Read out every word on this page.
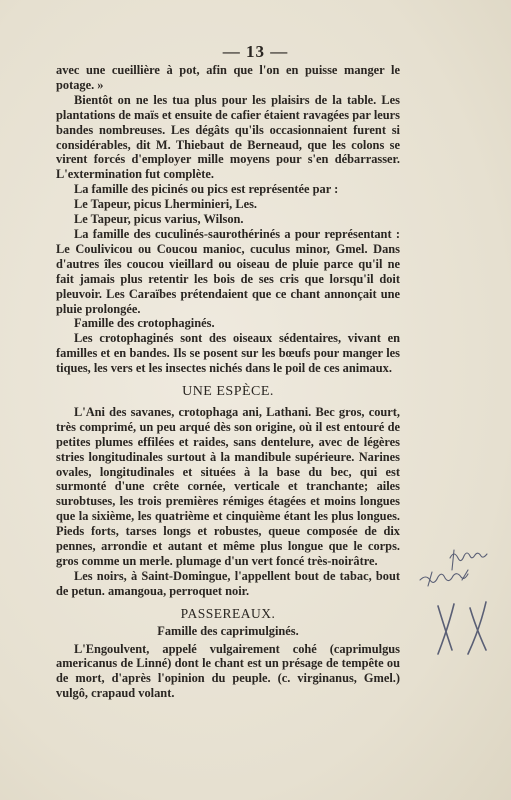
— 13 —

avec une cueillière à pot, afin que l'on en puisse manger le potage. »

Bientôt on ne les tua plus pour les plaisirs de la table. Les plantations de maïs et ensuite de cafier étaient ravagées par leurs bandes nombreuses. Les dégâts qu'ils occasionnaient furent si considérables, dit M. Thiebaut de Berneaud, que les colons se virent forcés d'employer mille moyens pour s'en débarrasser. L'extermination fut complète.

La famille des picinés ou pics est représentée par :

Le Tapeur, picus Lherminieri, Les.

Le Tapeur, picus varius, Wilson.

La famille des cuculinés-saurothérinés a pour représentant : Le Coulivicou ou Coucou manioc, cuculus minor, Gmel. Dans d'autres îles coucou vieillard ou oiseau de pluie parce qu'il ne fait jamais plus retentir les bois de ses cris que lorsqu'il doit pleuvoir. Les Caraïbes prétendaient que ce chant annonçait une pluie prolongée.

Famille des crotophaginés.

Les crotophaginés sont des oiseaux sédentaires, vivant en familles et en bandes. Ils se posent sur les bœufs pour manger les tiques, les vers et les insectes nichés dans le poil de ces animaux.

UNE ESPÈCE.

L'Ani des savanes, crotophaga ani, Lathani. Bec gros, court, très comprimé, un peu arqué dès son origine, où il est entouré de petites plumes effilées et raides, sans dentelure, avec de légères stries longitudinales surtout à la mandibule supérieure. Narines ovales, longitudinales et situées à la base du bec, qui est surmonté d'une crête cornée, verticale et tranchante; ailes surobtuses, les trois premières rémiges étagées et moins longues que la sixième, les quatrième et cinquième étant les plus longues. Pieds forts, tarses longs et robustes, queue composée de dix pennes, arrondie et autant et même plus longue que le corps. gros comme un merle. plumage d'un vert foncé très-noirâtre.

Les noirs, à Saint-Domingue, l'appellent bout de tabac, bout de petun. amangoua, perroquet noir.

PASSEREAUX.
Famille des caprimulginés.

L'Engoulvent, appelé vulgairement cohé (caprimulgus americanus de Linné) dont le chant est un présage de tempête ou de mort, d'après l'opinion du peuple. (c. virginanus, Gmel.) vulgô, crapaud volant.
